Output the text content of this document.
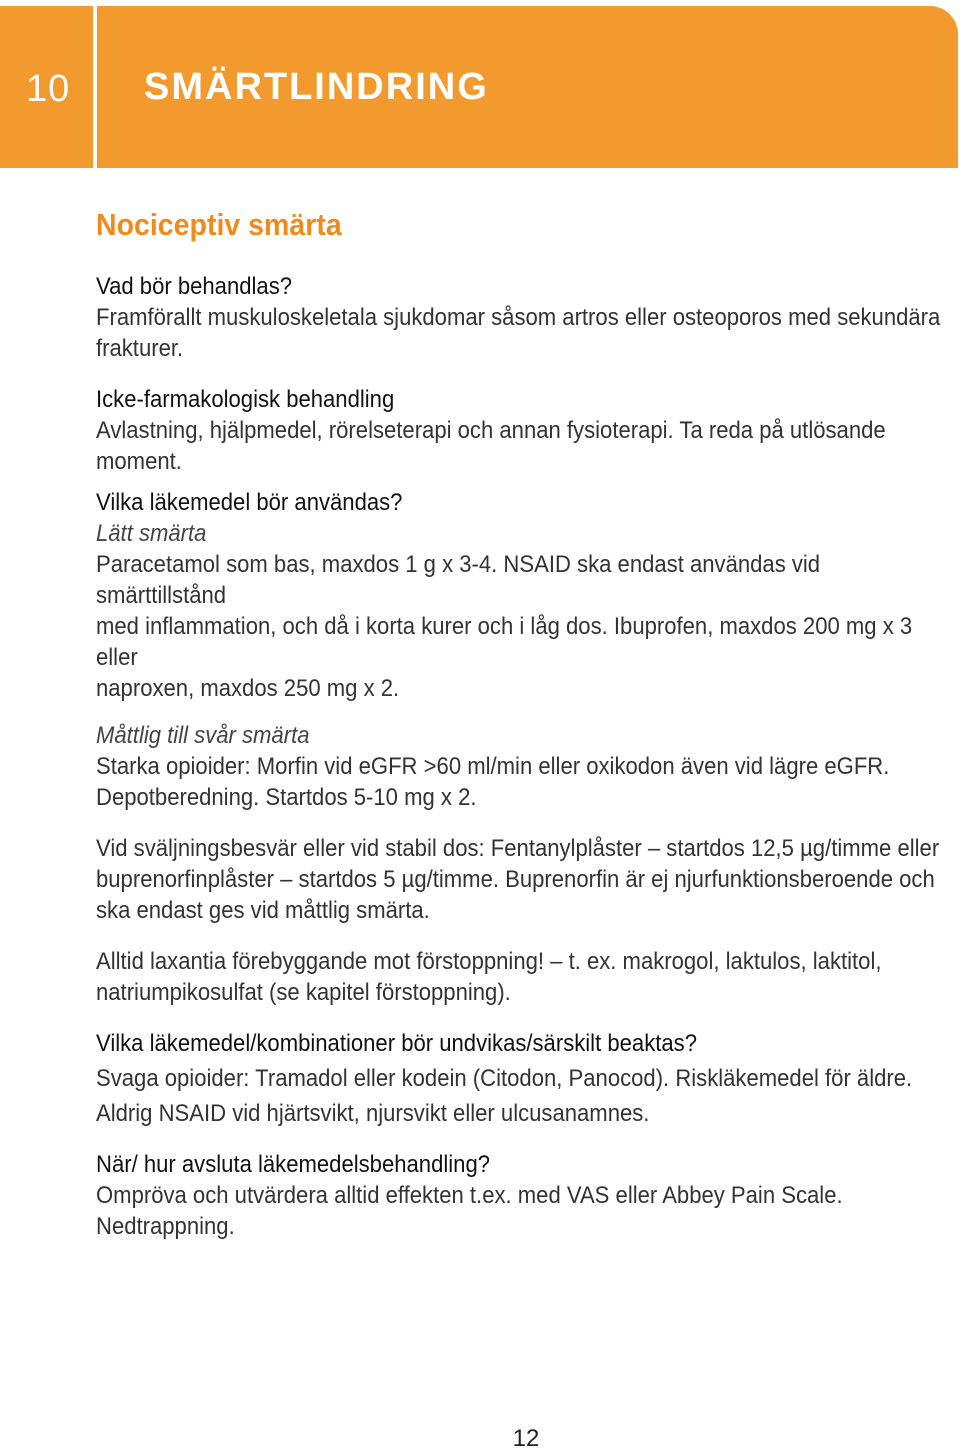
10 SMÄRTLINDRING
Nociceptiv smärta

Vad bör behandlas?

Framförallt muskuloskeletala sjukdomar såsom artros eller osteoporos med sekundära

frakturer.

Icke-farmakologisk behandling

Avlastning, hjälpmedel, rörelseterapi och annan fysioterapi. Ta reda på utlösande moment.

Vilka läkemedel bör användas?

Lätt smärta

Paracetamol som bas, maxdos 1 g x 3-4. NSAID ska endast användas vid smärttillstånd

med inflammation, och då i korta kurer och i låg dos. Ibuprofen, maxdos 200 mg x 3 eller

naproxen, maxdos 250 mg x 2.

Måttlig till svår smärta

Starka opioider: Morfin vid eGFR >60 ml/min eller oxikodon även vid lägre eGFR.

Depotberedning. Startdos 5-10 mg x 2.

Vid sväljningsbesvär eller vid stabil dos: Fentanylplåster – startdos 12,5 µg/timme eller

buprenorfinplåster – startdos 5 µg/timme. Buprenorfin är ej njurfunktionsberoende och

ska endast ges vid måttlig smärta.

Alltid laxantia förebyggande mot förstoppning! – t. ex. makrogol, laktulos, laktitol,

natriumpikosulfat (se kapitel förstoppning).

Vilka läkemedel/kombinationer bör undvikas/särskilt beaktas?

Svaga opioider: Tramadol eller kodein (Citodon, Panocod). Riskläkemedel för äldre.

Aldrig NSAID vid hjärtsvikt, njursvikt eller ulcusanamnes.

När/ hur avsluta läkemedelsbehandling?

Ompröva och utvärdera alltid effekten t.ex. med VAS eller Abbey Pain Scale.

Nedtrappning.

12
